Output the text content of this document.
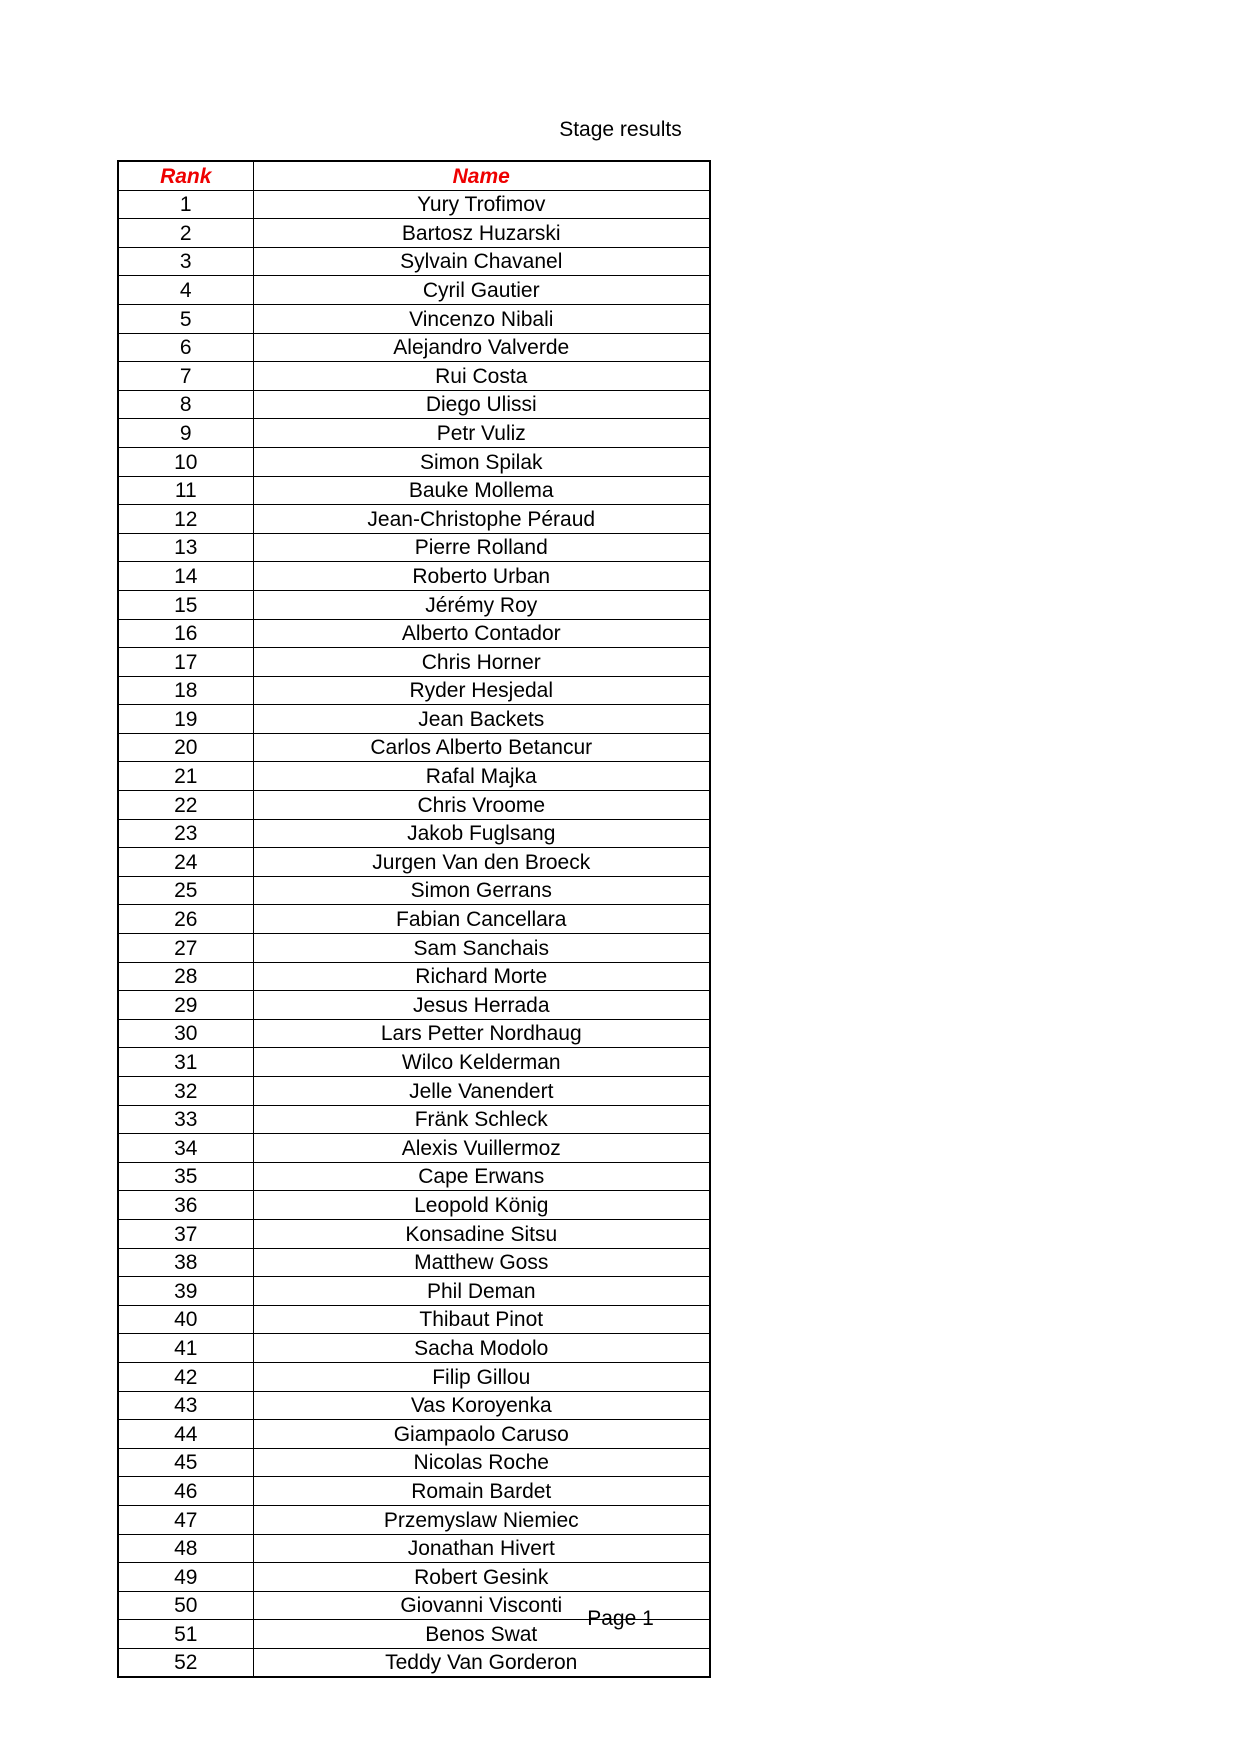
Stage results
Rank	Name
1	Yury Trofimov
2	Bartosz Huzarski
3	Sylvain Chavanel
4	Cyril Gautier
5	Vincenzo Nibali
6	Alejandro Valverde
7	Rui Costa
8	Diego Ulissi
9	Petr Vuliz
10	Simon Spilak
11	Bauke Mollema
12	Jean-Christophe Péraud
13	Pierre Rolland
14	Roberto Urban
15	Jérémy Roy
16	Alberto Contador
17	Chris Horner
18	Ryder Hesjedal
19	Jean Backets
20	Carlos Alberto Betancur
21	Rafal Majka
22	Chris Vroome
23	Jakob Fuglsang
24	Jurgen Van den Broeck
25	Simon Gerrans
26	Fabian Cancellara
27	Sam Sanchais
28	Richard Morte
29	Jesus Herrada
30	Lars Petter Nordhaug
31	Wilco Kelderman
32	Jelle Vanendert
33	Fränk Schleck
34	Alexis Vuillermoz
35	Cape Erwans
36	Leopold König
37	Konsadine Sitsu
38	Matthew Goss
39	Phil Deman
40	Thibaut Pinot
41	Sacha Modolo
42	Filip Gillou
43	Vas Koroyenka
44	Giampaolo Caruso
45	Nicolas Roche
46	Romain Bardet
47	Przemyslaw Niemiec
48	Jonathan Hivert
49	Robert Gesink
50	Giovanni Visconti
51	Benos Swat
52	Teddy Van Gorderon
Page 1
